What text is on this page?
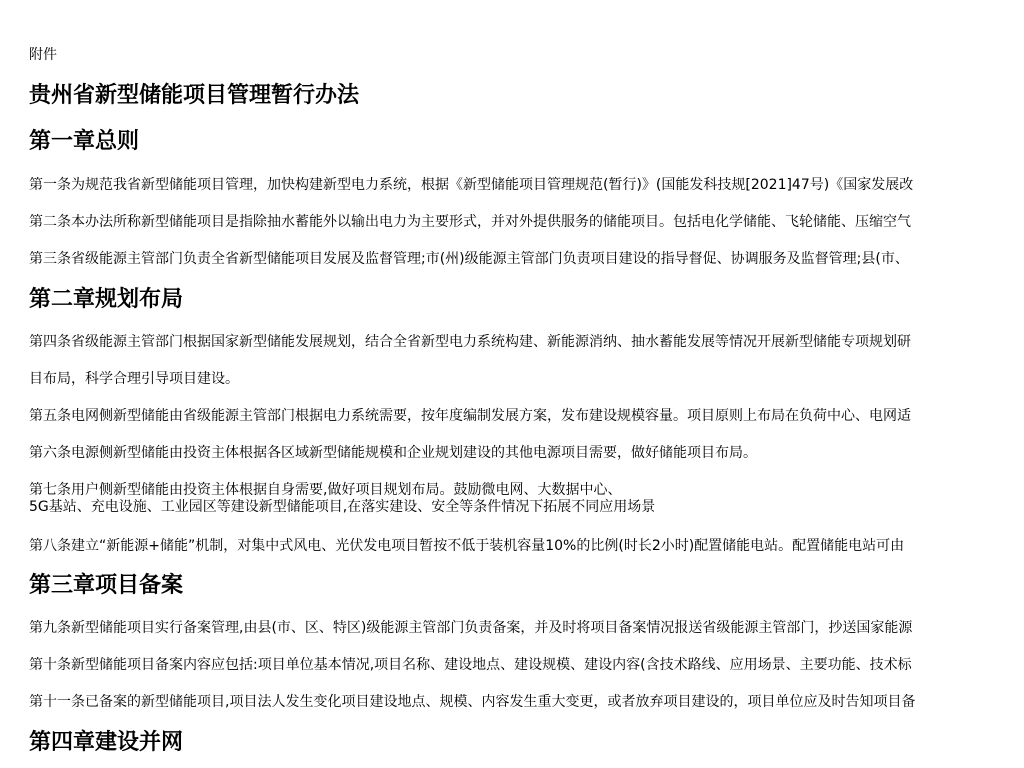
附件

贵州省新型储能项目管理暂行办法

第一章总则

第一条为规范我省新型储能项目管理，加快构建新型电力系统，根据《新型储能项目管理规范(暂行)》(国能发科技规[2021]47号)《国家发展改

第二条本办法所称新型储能项目是指除抽水蓄能外以输出电力为主要形式，并对外提供服务的储能项目。包括电化学储能、飞轮储能、压缩空气

第三条省级能源主管部门负责全省新型储能项目发展及监督管理;市(州)级能源主管部门负责项目建设的指导督促、协调服务及监督管理;县(市、

第二章规划布局

第四条省级能源主管部门根据国家新型储能发展规划，结合全省新型电力系统构建、新能源消纳、抽水蓄能发展等情况开展新型储能专项规划研

目布局，科学合理引导项目建设。

第五条电网侧新型储能由省级能源主管部门根据电力系统需要，按年度编制发展方案，发布建设规模容量。项目原则上布局在负荷中心、电网适

第六条电源侧新型储能由投资主体根据各区域新型储能规模和企业规划建设的其他电源项目需要，做好储能项目布局。

第七条用户侧新型储能由投资主体根据自身需要,做好项目规划布局。鼓励微电网、大数据中心、

5G基站、充电设施、工业园区等建设新型储能项目,在落实建设、安全等条件情况下拓展不同应用场景

第八条建立“新能源+储能”机制，对集中式风电、光伏发电项目暂按不低于装机容量10%的比例(时长2小时)配置储能电站。配置储能电站可由

第三章项目备案

第九条新型储能项目实行备案管理,由县(市、区、特区)级能源主管部门负责备案，并及时将项目备案情况报送省级能源主管部门，抄送国家能源

第十条新型储能项目备案内容应包括:项目单位基本情况,项目名称、建设地点、建设规模、建设内容(含技术路线、应用场景、主要功能、技术标

第十一条已备案的新型储能项目,项目法人发生变化项目建设地点、规模、内容发生重大变更，或者放弃项目建设的，项目单位应及时告知项目备

第四章建设并网
